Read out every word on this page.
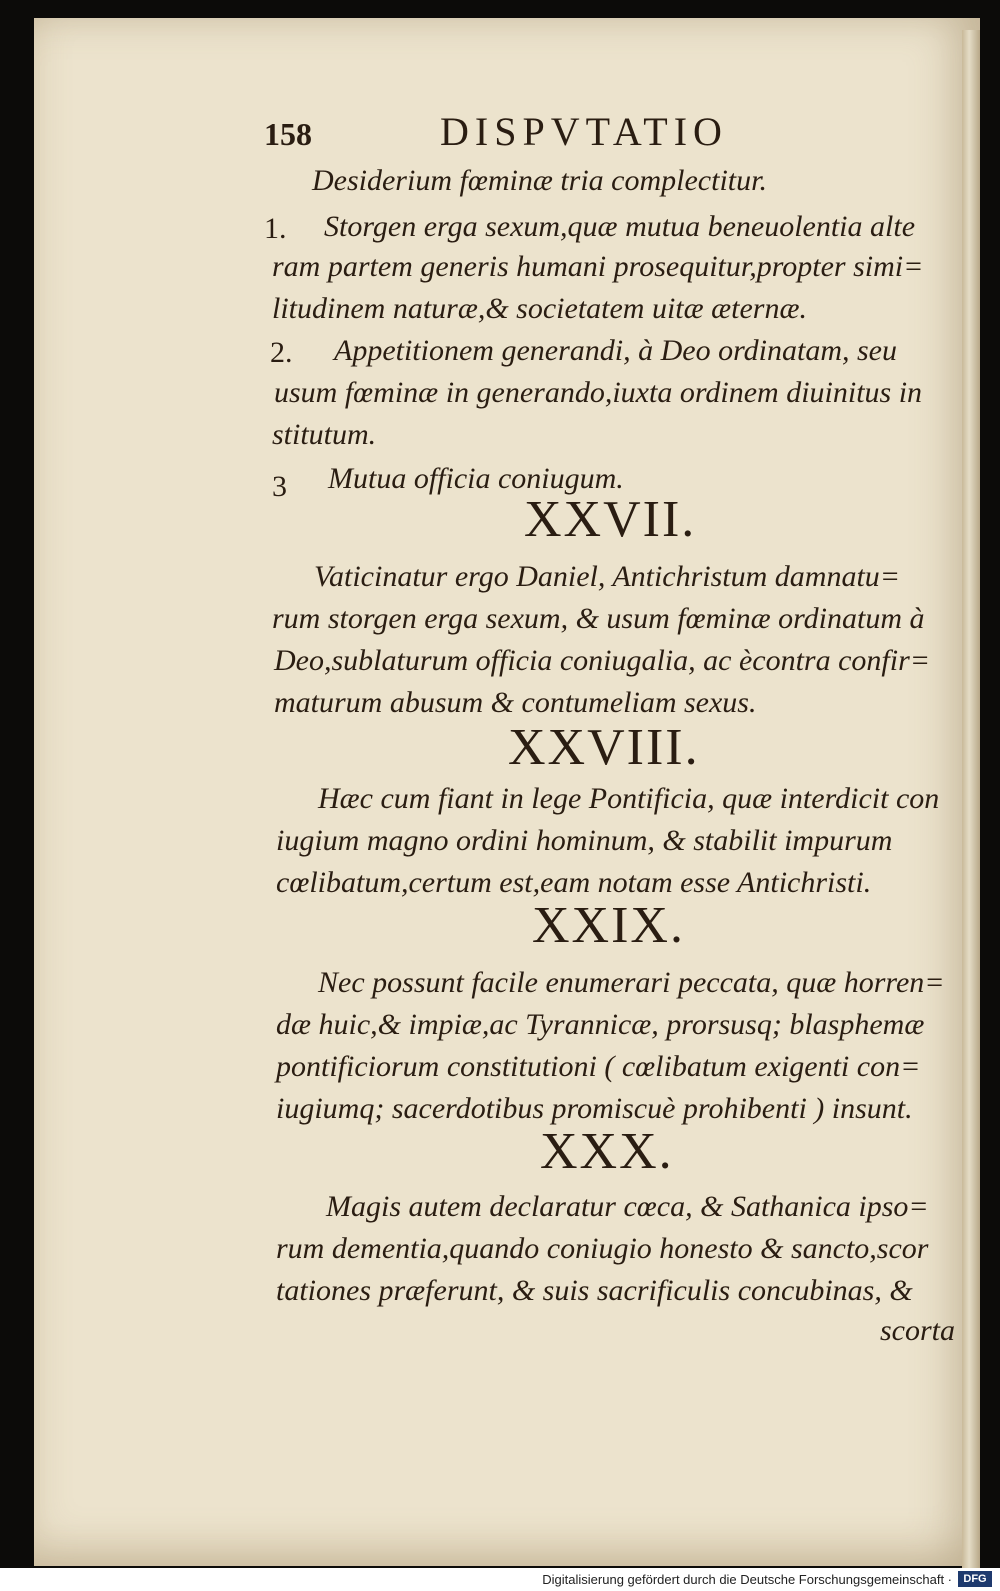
158	DISPVTATIO
Desiderium fœminæ tria complectitur.
1. Storgen erga sexum,quæ mutua beneuolentia alte
ram partem generis humani prosequitur,propter simi=
litudinem naturæ,& societatem uitæ æternæ.
2. Appetitionem generandi, à Deo ordinatam, seu
usum fœminæ in generando,iuxta ordinem diuinitus in
stitutum.
3 Mutua officia coniugum.
XXVII.
Vaticinatur ergo Daniel, Antichristum damnatu=
rum storgen erga sexum, & usum fœminæ ordinatum à
Deo,sublaturum officia coniugalia, ac ècontra confir=
maturum abusum & contumeliam sexus.
XXVIII.
Hæc cum fiant in lege Pontificia, quæ interdicit con
iugium magno ordini hominum, & stabilit impurum
cœlibatum,certum est,eam notam esse Antichristi.
XXIX.
Nec possunt facile enumerari peccata, quæ horren=
dæ huic,& impiæ,ac Tyrannicæ, prorsusq; blasphemæ
pontificiorum constitutioni ( cœlibatum exigenti con=
iugiumq; sacerdotibus promiscuè prohibenti ) insunt.
XXX.
Magis autem declaratur cœca, & Sathanica ipso=
rum dementia,quando coniugio honesto & sancto,scor
tationes præferunt, & suis sacrificulis concubinas, &
scorta
Digitalisierung gefördert durch die Deutsche Forschungsgemeinschaft ·	DFG
